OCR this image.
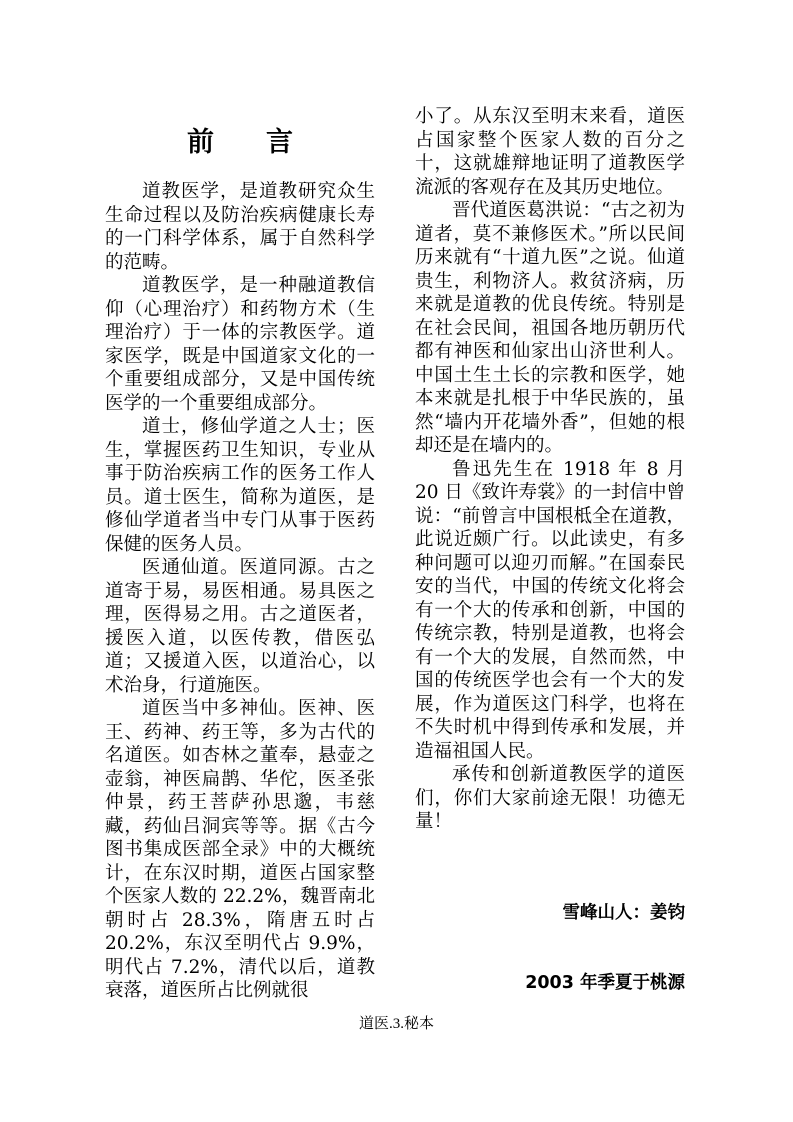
前言

道教医学，是道教研究众生生命过程以及防治疾病健康长寿的一门科学体系，属于自然科学的范畴。

道教医学，是一种融道教信仰（心理治疗）和药物方术（生理治疗）于一体的宗教医学。道家医学，既是中国道家文化的一个重要组成部分，又是中国传统医学的一个重要组成部分。

道士，修仙学道之人士；医生，掌握医药卫生知识，专业从事于防治疾病工作的医务工作人员。道士医生，简称为道医，是修仙学道者当中专门从事于医药保健的医务人员。

医通仙道。医道同源。古之道寄于易，易医相通。易具医之理，医得易之用。古之道医者，援医入道，以医传教，借医弘道；又援道入医，以道治心，以术治身，行道施医。

道医当中多神仙。医神、医王、药神、药王等，多为古代的名道医。如杏林之董奉，悬壶之壶翁，神医扁鹊、华佗，医圣张仲景，药王菩萨孙思邈，韦慈藏，药仙吕洞宾等等。据《古今图书集成医部全录》中的大概统计，在东汉时期，道医占国家整个医家人数的 22.2%，魏晋南北朝时占 28.3%，隋唐五时占 20.2%，东汉至明代占 9.9%，明代占 7.2%，清代以后，道教衰落，道医所占比例就很

小了。从东汉至明末来看，道医占国家整个医家人数的百分之十，这就雄辩地证明了道教医学流派的客观存在及其历史地位。

晋代道医葛洪说：“古之初为道者，莫不兼修医术。”所以民间历来就有“十道九医”之说。仙道贵生，利物济人。救贫济病，历来就是道教的优良传统。特别是在社会民间，祖国各地历朝历代都有神医和仙家出山济世利人。中国土生土长的宗教和医学，她本来就是扎根于中华民族的，虽然“墙内开花墙外香”，但她的根却还是在墙内的。

鲁迅先生在 1918 年 8 月 20 日《致许寿裳》的一封信中曾说：“前曾言中国根柢全在道教，此说近颇广行。以此读史，有多种问题可以迎刃而解。”在国泰民安的当代，中国的传统文化将会有一个大的传承和创新，中国的传统宗教，特别是道教，也将会有一个大的发展，自然而然，中国的传统医学也会有一个大的发展，作为道医这门科学，也将在不失时机中得到传承和发展，并造福祖国人民。

承传和创新道教医学的道医们，你们大家前途无限！功德无量！

雪峰山人：姜钧
2003 年季夏于桃源
道医.3.秘本
